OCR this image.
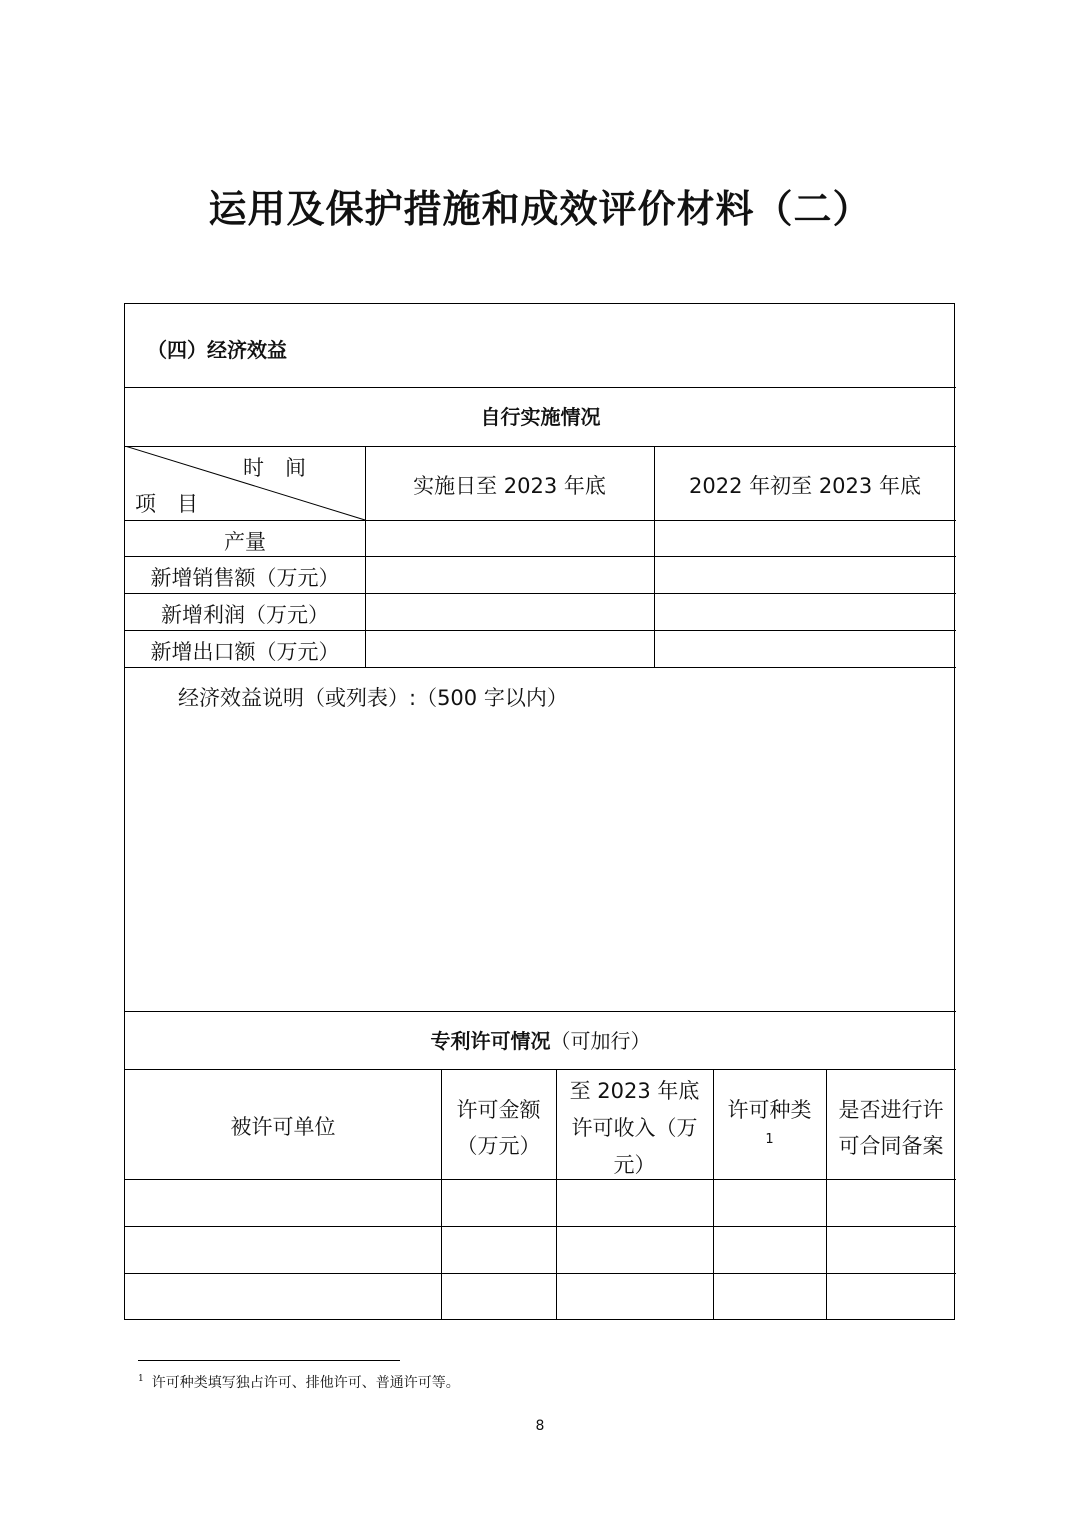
运用及保护措施和成效评价材料（二）
（四）经济效益
自行实施情况
时　间
项　目
实施日至 2023 年底	2022 年初至 2023 年底
产量
新增销售额（万元）
新增利润（万元）
新增出口额（万元）
经济效益说明（或列表）:（500 字以内）
专利许可情况（可加行）
被许可单位
许可金额
（万元）
至 2023 年底
许可收入（万
元）
许可种类
1
是否进行许
可合同备案
$^1$ 许可种类填写独占许可、排他许可、普通许可等。
8
